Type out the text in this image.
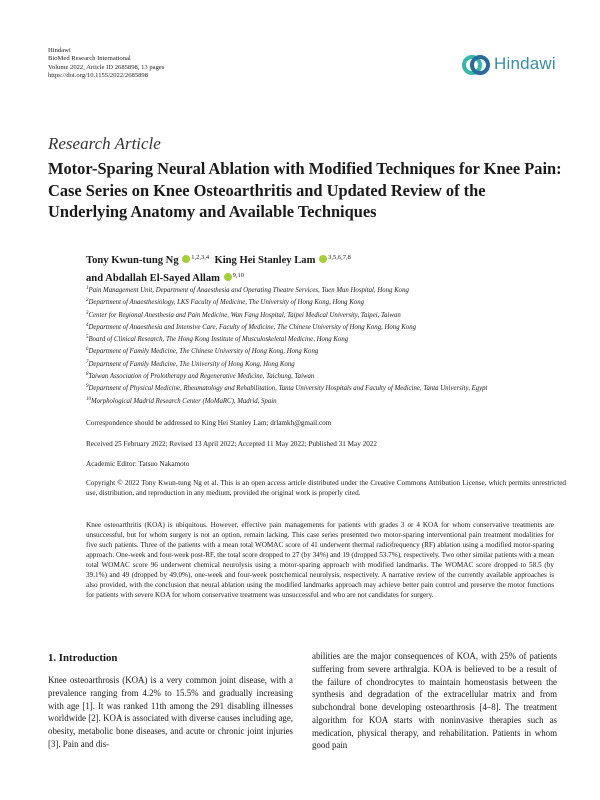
Hindawi
BioMed Research International
Volume 2022, Article ID 2685898, 13 pages
https://doi.org/10.1155/2022/2685898
Hindawi
Research Article
Motor-Sparing Neural Ablation with Modified Techniques for Knee Pain: Case Series on Knee Osteoarthritis and Updated Review of the Underlying Anatomy and Available Techniques
Tony Kwun-tung Ng $^{1,2,3,4}$ King Hei Stanley Lam $^{3,5,6,7,8}$
and Abdallah El-Sayed Allam $^{9,10}$
$^1$Pain Management Unit, Department of Anaesthesia and Operating Theatre Services, Tuen Mun Hospital, Hong Kong
$^2$Department of Anaesthesiology, LKS Faculty of Medicine, The University of Hong Kong, Hong Kong
$^3$Center for Regional Anesthesia and Pain Medicine, Wan Fang Hospital, Taipei Medical University, Taipei, Taiwan
$^4$Department of Anaesthesia and Intensive Care, Faculty of Medicine, The Chinese University of Hong Kong, Hong Kong
$^5$Board of Clinical Research, The Hong Kong Institute of Musculoskeletal Medicine, Hong Kong
$^6$Department of Family Medicine, The Chinese University of Hong Kong, Hong Kong
$^7$Department of Family Medicine, The University of Hong Kong, Hong Kong
$^8$Taiwan Association of Prolotherapy and Regenerative Medicine, Taichung, Taiwan
$^9$Department of Physical Medicine, Rheumatology and Rehabilitation, Tanta University Hospitals and Faculty of Medicine, Tanta University, Egypt
$^{10}$Morphological Madrid Research Center (MoMaRC), Madrid, Spain
Correspondence should be addressed to King Hei Stanley Lam; drlamkh@gmail.com
Received 25 February 2022; Revised 13 April 2022; Accepted 11 May 2022; Published 31 May 2022
Academic Editor: Tatsuo Nakamoto
Copyright © 2022 Tony Kwun-tung Ng et al. This is an open access article distributed under the Creative Commons Attribution License, which permits unrestricted use, distribution, and reproduction in any medium, provided the original work is properly cited.
Knee osteoarthritis (KOA) is ubiquitous. However, effective pain managements for patients with grades 3 or 4 KOA for whom conservative treatments are unsuccessful, but for whom surgery is not an option, remain lacking. This case series presented two motor-sparing interventional pain treatment modalities for five such patients. Three of the patients with a mean total WOMAC score of 41 underwent thermal radiofrequency (RF) ablation using a modified motor-sparing approach. One-week and four-week post-RF, the total score dropped to 27 (by 34%) and 19 (dropped 53.7%), respectively. Two other similar patients with a mean total WOMAC score 96 underwent chemical neurolysis using a motor-sparing approach with modified landmarks. The WOMAC score dropped to 58.5 (by 39.1%) and 49 (dropped by 49.0%), one-week and four-week postchemical neurolysis, respectively. A narrative review of the currently available approaches is also provided, with the conclusion that neural ablation using the modified landmarks approach may achieve better pain control and preserve the motor functions for patients with severe KOA for whom conservative treatment was unsuccessful and who are not candidates for surgery.
1. Introduction
Knee osteoarthrosis (KOA) is a very common joint disease, with a prevalence ranging from 4.2% to 15.5% and gradually increasing with age [1]. It was ranked 11th among the 291 disabling illnesses worldwide [2]. KOA is associated with diverse causes including age, obesity, metabolic bone diseases, and acute or chronic joint injuries [3]. Pain and dis-
abilities are the major consequences of KOA, with 25% of patients suffering from severe arthralgia. KOA is believed to be a result of the failure of chondrocytes to maintain homeostasis between the synthesis and degradation of the extracellular matrix and from subchondral bone developing osteoarthrosis [4–8]. The treatment algorithm for KOA starts with noninvasive therapies such as medication, physical therapy, and rehabilitation. Patients in whom good pain
